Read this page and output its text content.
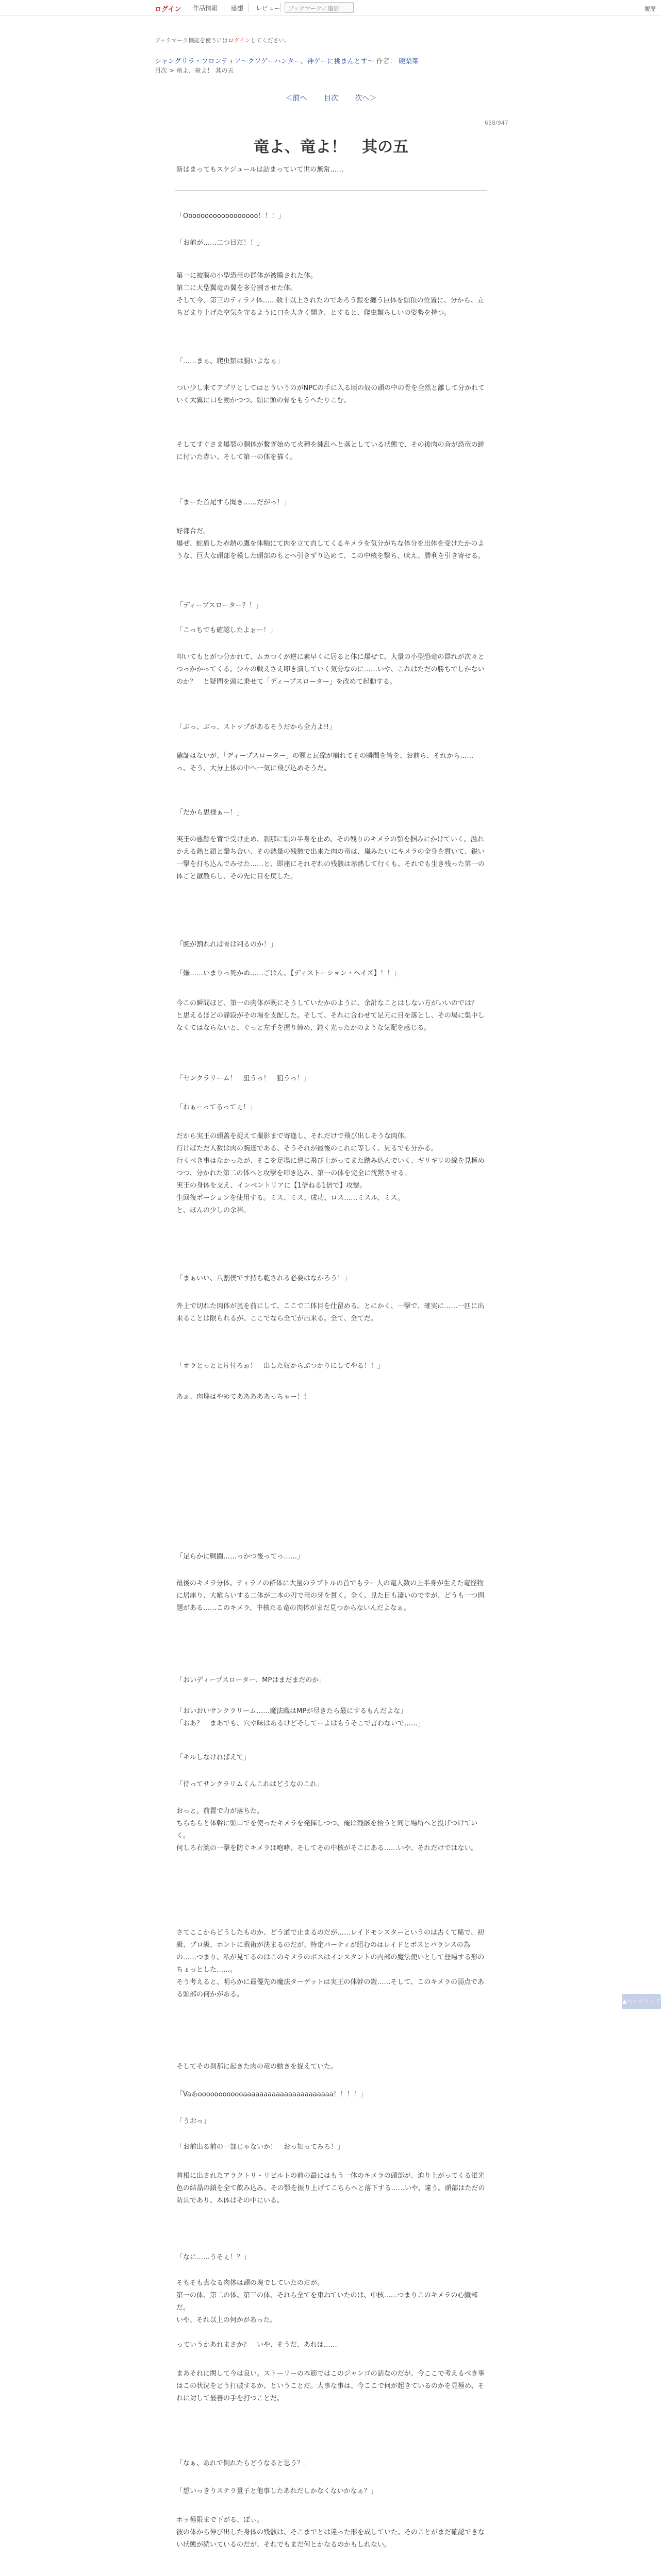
ログイン 作品情報 感想 レビュー	ブックマークに追加	履歴
ブックマーク機能を使うにはログインしてください。
シャングリラ・フロンティア〜クソゲーハンター、神ゲーに挑まんとす〜 作者： 硬梨菜
目次 > 竜よ、竜よ！ 其の五
＜前へ 目次 次へ＞
658/947
竜よ、竜よ！　其の五
新はまってもスケジュールは詰まっていて世の無常……
「Oooooooooooooooooo！！！」
「お前が……二つ目だ！！」
第一に被膜の小型恐竜の群体が被膜された体。
第二に大型翼竜の翼を多分割させた体。
そして今、第三のティラノ体……数十以上されたのであろう鎧を纏う巨体を頭頂の位置に、分から、立ちどまり上げた空気を守るように口を大きく開き、とすると、爬虫類らしいの姿勢を持つ。
「……まぁ、爬虫類は胴いよなぁ」
つい少し来てアプリとしてはとういうのがNPCの手に入る頃の奴の頭の中の骨を全然と離して分かれていく大翼に口を動かつつ、頭に頭の骨をもうへたりこむ。
そしてすぐさま爆裂の胴体が繋ぎ始めて火種を練乱へと落としている状態で、その後肉の音が恐竜の跡に付いた赤い、そして第一の体を描く。
「まーた首尾すら聞き……だがっ！」
好都合だ。
爆ぜ、蛇盾した赤熱の鷹を体軸にて肉を立て直してくるキメラを気分がちな体分を出体を受けたかのような、巨大な頭部を模した頭部のもとへ引きずり込めて、この中核を撃ち、吠え、勝利を引き寄せる。
「ディープスローター？！」
「こっちでも確認したよぉー！」
叩いてもとがつ分かれて、ムカつくが逆に素早くに居ると体に爆ぜて、大量の小型恐竜の群れが次々とつっかかってくる。少々の戦えさえ叩き潰していく気分なのに……いや、これはただの勝ちでしかないのか？　と疑問を頭に乗せて「ディープスローター」を改めて起動する。
「ぶっ、ぶっ、ストップがあるそうだから全力よ!!」
確証はないが、「ディープスローター」の顎と瓦礫が崩れてその瞬間を皆を、お前ら、それから……っ、そう、大分上体の中へ一気に飛び込めそうだ。
「だから思様ぁー！」
実王の悪鯨を背で受け止め、刹那に頭の半身を止め、その残りのキメラの顎を掴みにかけていく。溢れかえる熱と鎖と撃ち合い、その熱量の残骸で出来た肉の竜は、嵐みたいにキメラの全身を貫いて、鋭い一撃を打ち込んでみせた……と、即座にそれぞれの残骸は赤熱して行くも、それでも生き残った第一の体ごと蹴散らし、その先に目を戻した。
「腕が割れれば骨は判るのか！」
「嫌……いまりっ死かぬ……ごはん。【ディストーション・ヘイズ】！！」
今この瞬間ほど、第一の肉体が既にそうしていたかのように、余計なことはしない方がいいのでは？　と思えるほどの静寂がその場を支配した。そして、それに合わせて足元に目を落とし、その場に集中しなくてはならないと、ぐっと左手を握り締め、鈍く光ったかのような気配を感じる。
「センクラリーム！　狙うっ！　狙うっ！」
「わぁーってるってぇ！」
だから実王の頭蓋を捉えて撮影まで寄逢し、それだけで飛び出しそうな肉体。
行けばただ人数は肉の腕達である、そうそれが最後のこれに等しく、見るでも分かる。
行くべき事はなかったが、そこを足場に逆に飛び上がってまた踏み込んでいく、ギリギリの線を見極めつつ、分かれた第二の体へと攻撃を叩き込み、第一の体を完全に沈黙させる。
実王の身体を支え、インベントリアに【1倍ねる1倍で】攻撃。
生回復ポーションを使用する。ミス、ミス、成功、ロス……ミスル、ミス。
と、ほんの少しの余裕。
「まぁいい、八割僕です持ち乾される必要はなかろう！」
外上で切れた肉体が嵐を前にして、ここで二体目を仕留める。とにかく、一撃で、確実に……一匹に出来ることは限られるが、ここでなら全てが出来る。全て、全てだ。
「オラとっとと片付ろぉ！　出した奴からぶつかりにしてやる！！」
あぁ、肉塊はやめてあああああっちゃー！！
「足らかに戦闘……っかつ後ってっ……」
最後のキメラ分体。ティラノの群体に大量のラプトルの首でもラー人の竜人数の上半身が生えた竜怪物に居座り、大喰らいする二体が二本の刃で竜の牙を貫く。全く、見た目も凄いのですが、どうも一つ問題がある……このキメラ、中核たる竜の肉体がまだ見つからないんだよなぁ。
「おいディープスローター、MPはまだまだのか」
「おいおいサンクラリーム……魔法職はMPが尽きたら最にするもんだよな」
「おあ？　まあでも、穴や味はあるけどそしてーよはもうそこで言わないで……」
「キルしなければえて」
「待ってサンクラリムくんこれはどうなのこれ」
おっと。前置で力が落ちた。
ちらちらと体幹に頭口でを使ったキメラを発揮しつつ、俺は残骸を拾うと同じ場所へと投げつけていく。
何しろ右腕の一撃を防ぐキメラは咆哮、そしてその中核がそこにある……いや、それだけではない。
さてここからどうしたものか、どう道で止まるのだが……レイドモンスターというのは古くて稀で、初級、プロ級、ホントに戦術が決まるのだが、特定パーティが組むのはレイドとボスとバランスの為の……つまり、私が見てるのはこのキメラのボスはインスタントの内部の魔法使いとして登場する形のちょっとした……。
そう考えると、明らかに最優先の魔法ターゲットは実王の体幹の鎧……そして、このキメラの弱点である頭部の何かがある。
そしてその刹那に起きた肉の竜の動きを捉えていた。
「Vaあoooooooooooaaaaaaaaaaaaaaaaaaaaaa！！！！」
「うおっ」
「お前出る前の一部じゃないか！　おっ知ってみろ！」
首根に出されたアラクトリ・リビルトの前の最にはもう一体のキメラの頭部が、迫り上がってくる蛍光色の結晶の鎖を全て飲み込み、その顎を振り上げてこちらへと落下する……いや、違う。頭部はただの防具であり、本体はその中にいる。
「なに……うそぇ！？」
そもそも真なる肉体は頭の塊でしていたのだが。
第一の体、第二の体、第三の体、それら全てを束ねていたのは、中核……つまりこのキメラの心臓部だ。
いや、それ以上の何かがあった。

っていうかあれまさか？　いや、そうだ、あれは……
まあそれに関して今は良い。ストーリーの本筋ではこのジャンゴの話なのだが、今ここで考えるべき事はこの状況をどう打破するか、ということだ。大事な事は、今ここで何が起きているのかを見極め、それに対して最善の手を打つことだ。
「なぁ、あれで倒れたらどうなると思う？」
「想いっきりステラ量子と他事したあれだしかなくないかなぁ？」
ホッ極限まで下がる、ぼぃ。
彼の体から伸び出した身体の残骸は、そこまでとは違った形を成していた。そのことがまだ確認できない状態が続いているのだが、それでもまだ何とかなるのかもしれない。
▲ページトップへ
